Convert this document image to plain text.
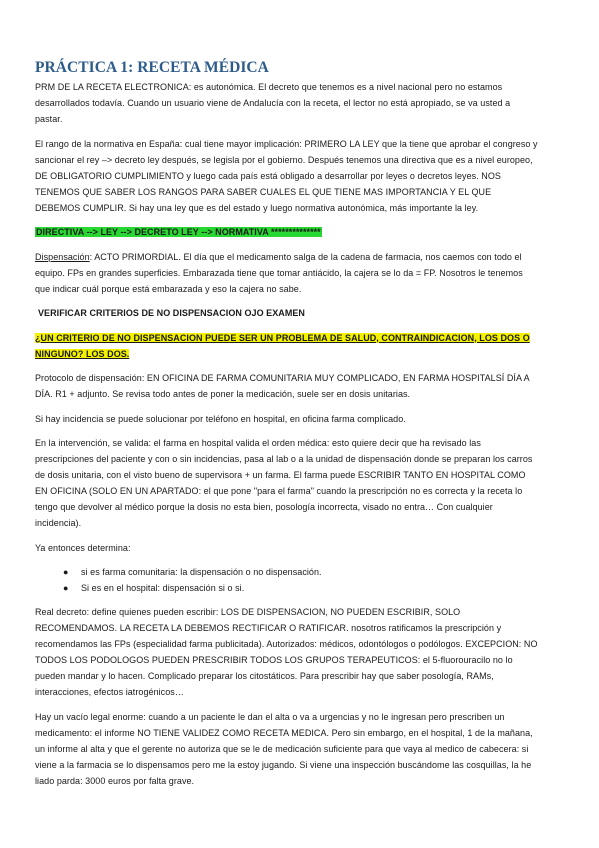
PRÁCTICA 1: RECETA MÉDICA

PRM DE LA RECETA ELECTRONICA: es autonómica. El decreto que tenemos es a nivel nacional pero no estamos desarrollados todavía. Cuando un usuario viene de Andalucía con la receta, el lector no está apropiado, se va usted a pastar.

El rango de la normativa en España: cual tiene mayor implicación: PRIMERO LA LEY que la tiene que aprobar el congreso y sancionar el rey –> decreto ley después, se legisla por el gobierno. Después tenemos una directiva que es a nivel europeo, DE OBLIGATORIO CUMPLIMIENTO y luego cada país está obligado a desarrollar por leyes o decretos leyes. NOS TENEMOS QUE SABER LOS RANGOS PARA SABER CUALES EL QUE TIENE MAS IMPORTANCIA Y EL QUE DEBEMOS CUMPLIR. Si hay una ley que es del estado y luego normativa autonómica, más importante la ley.

DIRECTIVA --> LEY --> DECRETO LEY --> NORMATIVA **************

Dispensación: ACTO PRIMORDIAL. El día que el medicamento salga de la cadena de farmacia, nos caemos con todo el equipo. FPs en grandes superficies. Embarazada tiene que tomar antiácido, la cajera se lo da = FP. Nosotros le tenemos que indicar cuál porque está embarazada y eso la cajera no sabe.

VERIFICAR CRITERIOS DE NO DISPENSACION OJO EXAMEN

¿UN CRITERIO DE NO DISPENSACION PUEDE SER UN PROBLEMA DE SALUD, CONTRAINDICACION, LOS DOS O NINGUNO? LOS DOS.

Protocolo de dispensación: EN OFICINA DE FARMA COMUNITARIA MUY COMPLICADO, EN FARMA HOSPITALSÍ DÍA A DÍA. R1 + adjunto. Se revisa todo antes de poner la medicación, suele ser en dosis unitarias.

Si hay incidencia se puede solucionar por teléfono en hospital, en oficina farma complicado.

En la intervención, se valida: el farma en hospital valida el orden médica: esto quiere decir que ha revisado las prescripciones del paciente y con o sin incidencias, pasa al lab o a la unidad de dispensación donde se preparan los carros de dosis unitaria, con el visto bueno de supervisora + un farma. El farma puede ESCRIBIR TANTO EN HOSPITAL COMO EN OFICINA (SOLO EN UN APARTADO: el que pone "para el farma" cuando la prescripción no es correcta y la receta lo tengo que devolver al médico porque la dosis no esta bien, posología incorrecta, visado no entra… Con cualquier incidencia).

Ya entonces determina:

● si es farma comunitaria: la dispensación o no dispensación.
● Si es en el hospital: dispensación si o si.

Real decreto: define quienes pueden escribir: LOS DE DISPENSACION, NO PUEDEN ESCRIBIR, SOLO RECOMENDAMOS. LA RECETA LA DEBEMOS RECTIFICAR O RATIFICAR. nosotros ratificamos la prescripción y recomendamos las FPs (especialidad farma publicitada). Autorizados: médicos, odontólogos o podólogos. EXCEPCION: NO TODOS LOS PODOLOGOS PUEDEN PRESCRIBIR TODOS LOS GRUPOS TERAPEUTICOS: el 5-fluorouracilo no lo pueden mandar y lo hacen. Complicado preparar los citostáticos. Para prescribir hay que saber posología, RAMs, interacciones, efectos iatrogénicos…

Hay un vacío legal enorme: cuando a un paciente le dan el alta o va a urgencias y no le ingresan pero prescriben un medicamento: el informe NO TIENE VALIDEZ COMO RECETA MEDICA. Pero sin embargo, en el hospital, 1 de la mañana, un informe al alta y que el gerente no autoriza que se le de medicación suficiente para que vaya al medico de cabecera: si viene a la farmacia se lo dispensamos pero me la estoy jugando. Si viene una inspección buscándome las cosquillas, la he liado parda: 3000 euros por falta grave.
